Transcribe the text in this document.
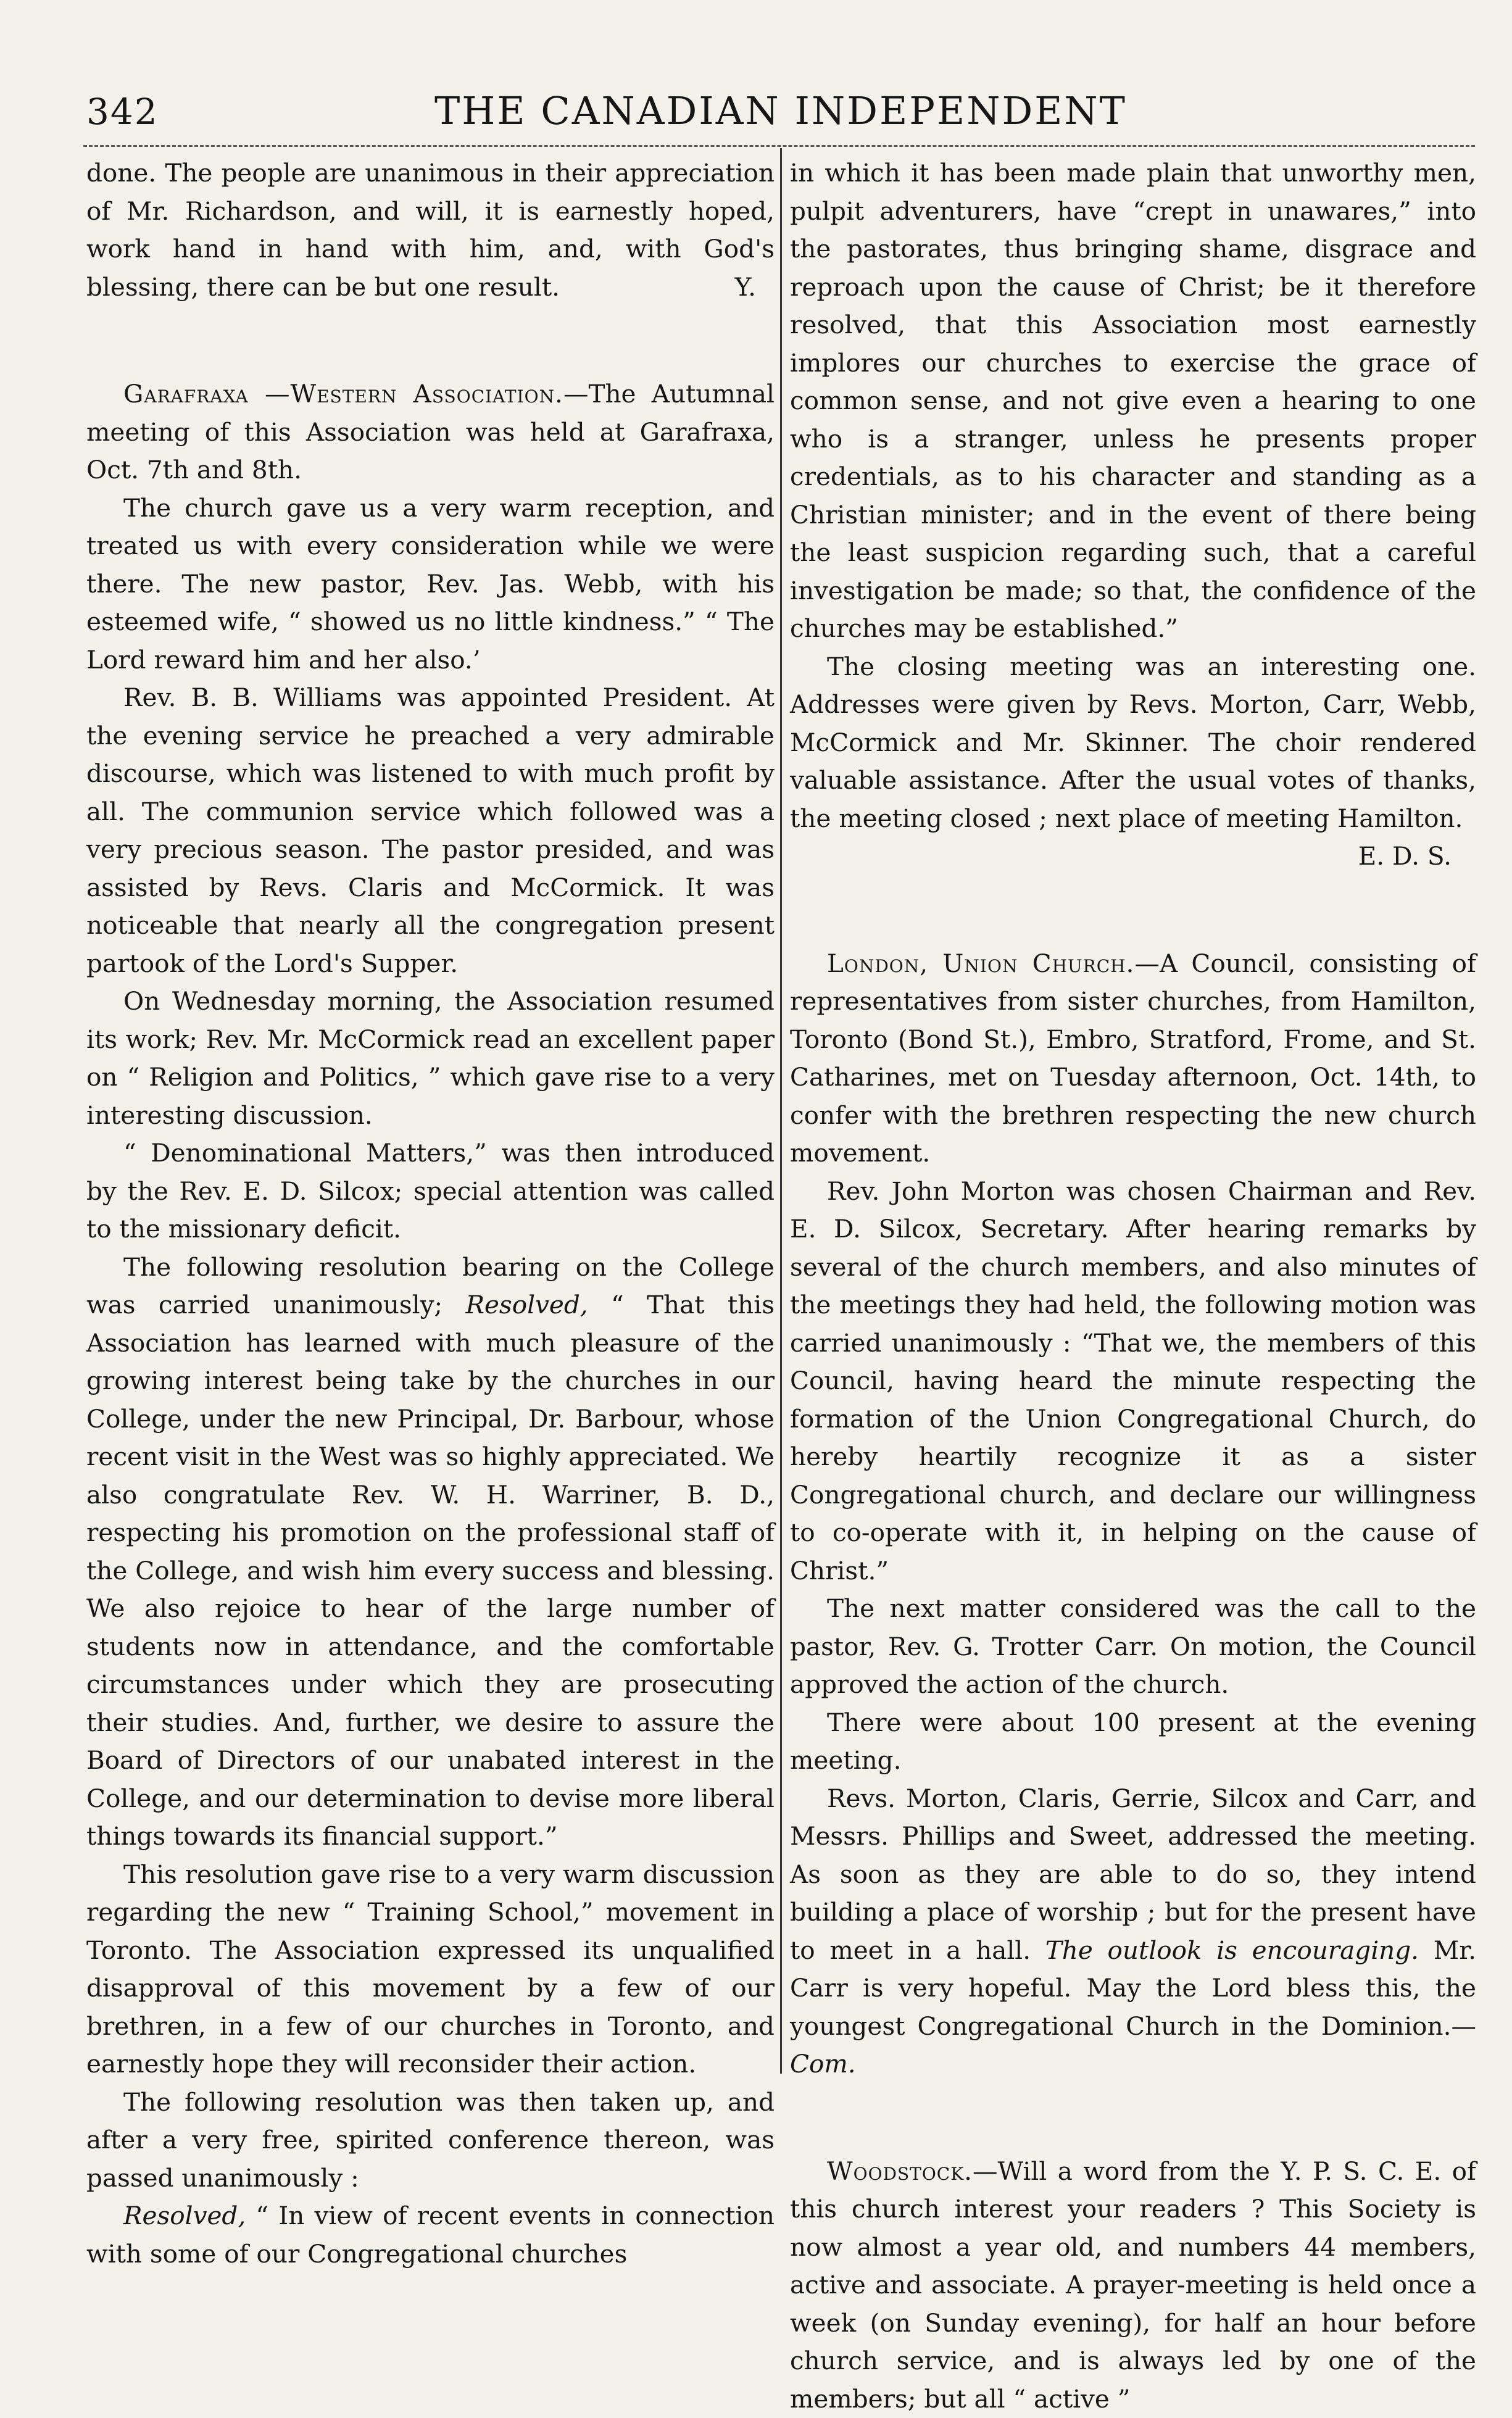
342	THE CANADIAN INDEPENDENT

done. The people are unanimous in their appreciation of Mr. Richardson, and will, it is earnestly hoped, work hand in hand with him, and, with God's blessing, there can be but one result.	Y.

Garafraxa —Western Association.—The Autumnal meeting of this Association was held at Garafraxa, Oct. 7th and 8th.

The church gave us a very warm reception, and treated us with every consideration while we were there. The new pastor, Rev. Jas. Webb, with his esteemed wife, “ showed us no little kindness.” “ The Lord reward him and her also.’

Rev. B. B. Williams was appointed President. At the evening service he preached a very admirable discourse, which was listened to with much profit by all. The communion service which followed was a very precious season. The pastor presided, and was assisted by Revs. Claris and McCormick. It was noticeable that nearly all the congregation present partook of the Lord's Supper.

On Wednesday morning, the Association resumed its work; Rev. Mr. McCormick read an excellent paper on “ Religion and Politics, ” which gave rise to a very interesting discussion.

“ Denominational Matters,” was then introduced by the Rev. E. D. Silcox; special attention was called to the missionary deficit.

The following resolution bearing on the College was carried unanimously; Resolved, “ That this Association has learned with much pleasure of the growing interest being take by the churches in our College, under the new Principal, Dr. Barbour, whose recent visit in the West was so highly appreciated. We also congratulate Rev. W. H. Warriner, B. D., respecting his promotion on the professional staff of the College, and wish him every success and blessing. We also rejoice to hear of the large number of students now in attendance, and the comfortable circumstances under which they are prosecuting their studies. And, further, we desire to assure the Board of Directors of our unabated interest in the College, and our determination to devise more liberal things towards its financial support.”

This resolution gave rise to a very warm discussion regarding the new “ Training School,” movement in Toronto. The Association expressed its unqualified disapproval of this movement by a few of our brethren, in a few of our churches in Toronto, and earnestly hope they will reconsider their action.

The following resolution was then taken up, and after a very free, spirited conference thereon, was passed unanimously :

Resolved, “ In view of recent events in connection with some of our Congregational churches

in which it has been made plain that unworthy men, pulpit adventurers, have “crept in unawares,” into the pastorates, thus bringing shame, disgrace and reproach upon the cause of Christ; be it therefore resolved, that this Association most earnestly implores our churches to exercise the grace of common sense, and not give even a hearing to one who is a stranger, unless he presents proper credentials, as to his character and standing as a Christian minister; and in the event of there being the least suspicion regarding such, that a careful investigation be made; so that, the confidence of the churches may be established.”

The closing meeting was an interesting one. Addresses were given by Revs. Morton, Carr, Webb, McCormick and Mr. Skinner. The choir rendered valuable assistance. After the usual votes of thanks, the meeting closed ; next place of meeting Hamilton.
E. D. S.

London, Union Church.—A Council, consisting of representatives from sister churches, from Hamilton, Toronto (Bond St.), Embro, Stratford, Frome, and St. Catharines, met on Tuesday afternoon, Oct. 14th, to confer with the brethren respecting the new church movement.

Rev. John Morton was chosen Chairman and Rev. E. D. Silcox, Secretary. After hearing remarks by several of the church members, and also minutes of the meetings they had held, the following motion was carried unanimously : “That we, the members of this Council, having heard the minute respecting the formation of the Union Congregational Church, do hereby heartily recognize it as a sister Congregational church, and declare our willingness to co-operate with it, in helping on the cause of Christ.”

The next matter considered was the call to the pastor, Rev. G. Trotter Carr. On motion, the Council approved the action of the church.

There were about 100 present at the evening meeting.

Revs. Morton, Claris, Gerrie, Silcox and Carr, and Messrs. Phillips and Sweet, addressed the meeting. As soon as they are able to do so, they intend building a place of worship ; but for the present have to meet in a hall. The outlook is encouraging. Mr. Carr is very hopeful. May the Lord bless this, the youngest Congregational Church in the Dominion.—Com.

Woodstock.—Will a word from the Y. P. S. C. E. of this church interest your readers ? This Society is now almost a year old, and numbers 44 members, active and associate. A prayer-meeting is held once a week (on Sunday evening), for half an hour before church service, and is always led by one of the members; but all “ active ”
